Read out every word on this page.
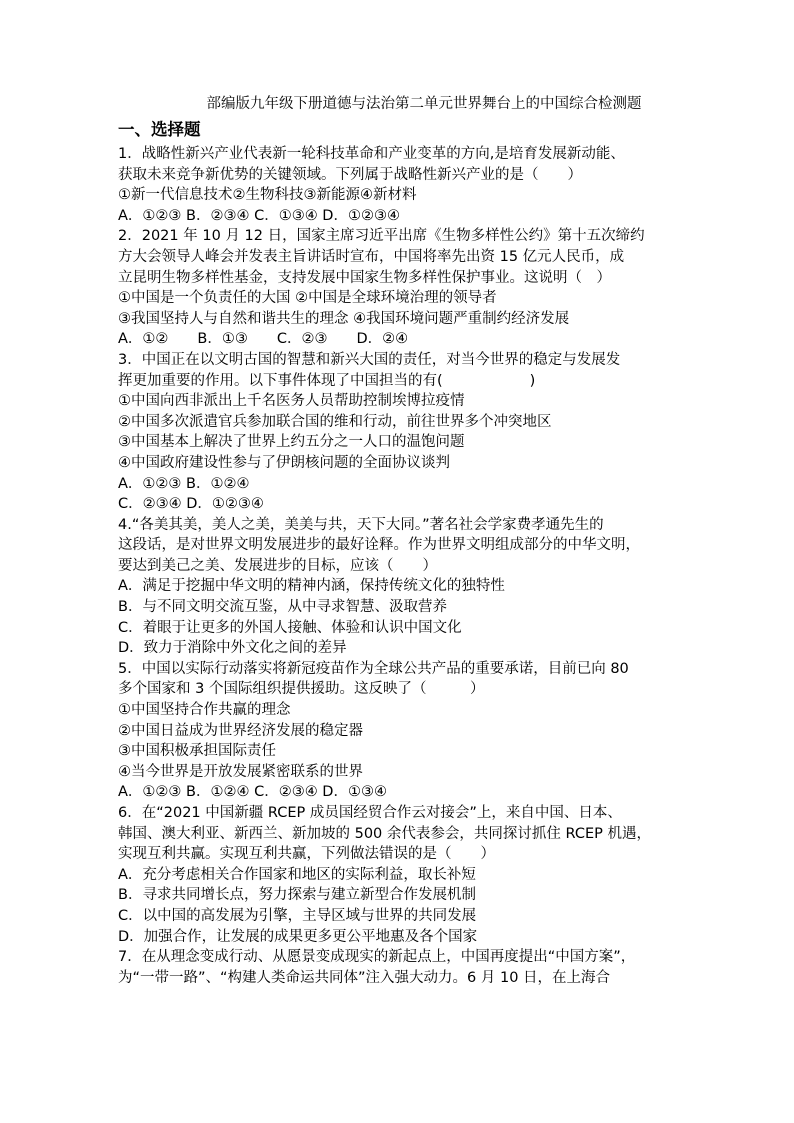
部编版九年级下册道德与法治第二单元世界舞台上的中国综合检测题
一、选择题
1．战略性新兴产业代表新一轮科技革命和产业变革的方向,是培育发展新动能、
获取未来竞争新优势的关键领域。下列属于战略性新兴产业的是（　　）
①新一代信息技术②生物科技③新能源④新材料
A．①②③ B．②③④ C．①③④ D．①②③④
2．2021 年 10 月 12 日，国家主席习近平出席《生物多样性公约》第十五次缔约
方大会领导人峰会并发表主旨讲话时宣布，中国将率先出资 15 亿元人民币，成
立昆明生物多样性基金，支持发展中国家生物多样性保护事业。这说明（　）
①中国是一个负责任的大国 ②中国是全球环境治理的领导者
③我国坚持人与自然和谐共生的理念 ④我国环境问题严重制约经济发展
A．①②　　B．①③　　C．②③　　D．②④
3．中国正在以文明古国的智慧和新兴大国的责任，对当今世界的稳定与发展发
挥更加重要的作用。以下事件体现了中国担当的有(　　　　　　)
①中国向西非派出上千名医务人员帮助控制埃博拉疫情
②中国多次派遣官兵参加联合国的维和行动，前往世界多个冲突地区
③中国基本上解决了世界上约五分之一人口的温饱问题
④中国政府建设性参与了伊朗核问题的全面协议谈判
A．①②③ B．①②④
C．②③④ D．①②③④
4.“各美其美，美人之美，美美与共，天下大同。”著名社会学家费孝通先生的
这段话，是对世界文明发展进步的最好诠释。作为世界文明组成部分的中华文明，
要达到美己之美、发展进步的目标，应该（　　）
A．满足于挖掘中华文明的精神内涵，保持传统文化的独特性
B．与不同文明交流互鉴，从中寻求智慧、汲取营养
C．着眼于让更多的外国人接触、体验和认识中国文化
D．致力于消除中外文化之间的差异
5．中国以实际行动落实将新冠疫苗作为全球公共产品的重要承诺，目前已向 80
多个国家和 3 个国际组织提供援助。这反映了（　　　）
①中国坚持合作共赢的理念
②中国日益成为世界经济发展的稳定器
③中国积极承担国际责任
④当今世界是开放发展紧密联系的世界
A．①②③ B．①②④ C．②③④ D．①③④
6．在“2021 中国新疆 RCEP 成员国经贸合作云对接会”上，来自中国、日本、
韩国、澳大利亚、新西兰、新加坡的 500 余代表参会，共同探讨抓住 RCEP 机遇，
实现互利共赢。实现互利共赢，下列做法错误的是（　　）
A．充分考虑相关合作国家和地区的实际利益，取长补短
B．寻求共同增长点，努力探索与建立新型合作发展机制
C．以中国的高发展为引擎，主导区域与世界的共同发展
D．加强合作，让发展的成果更多更公平地惠及各个国家
7．在从理念变成行动、从愿景变成现实的新起点上，中国再度提出“中国方案”，
为“一带一路”、“构建人类命运共同体”注入强大动力。6 月 10 日，在上海合
